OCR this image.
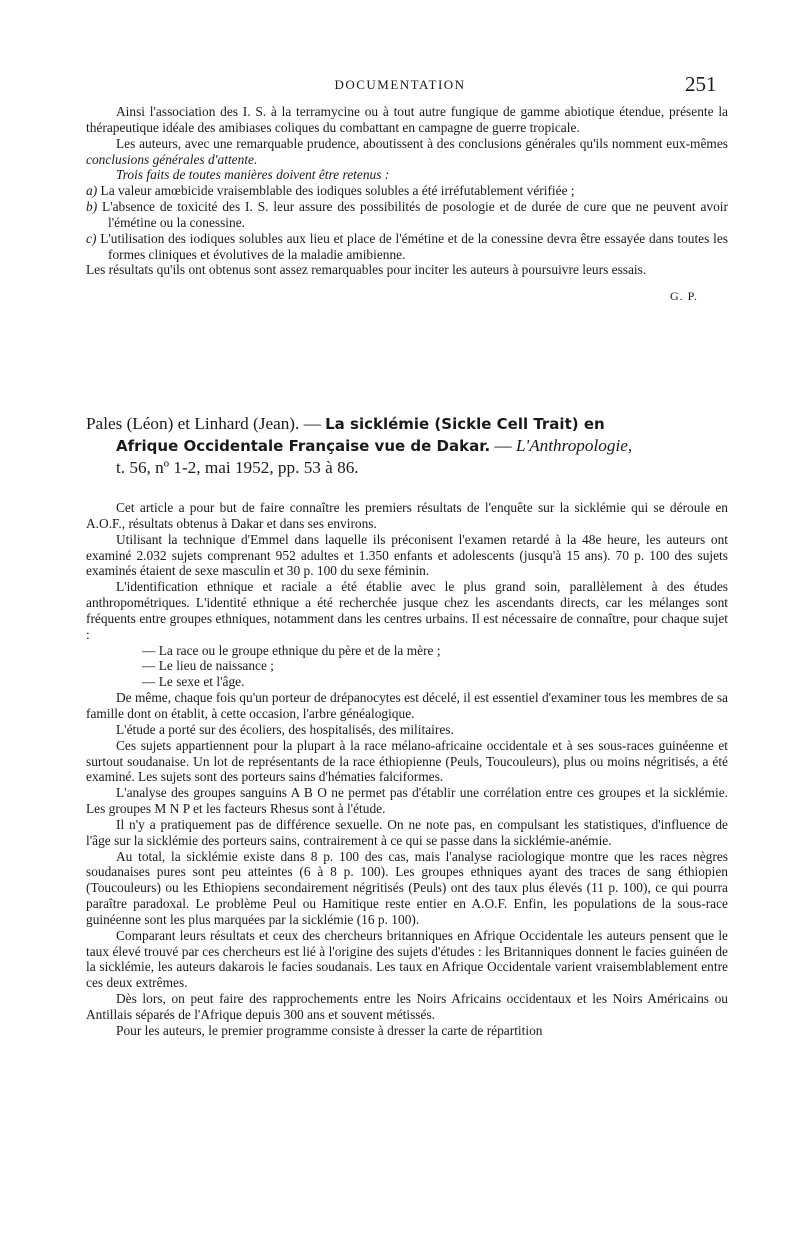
DOCUMENTATION	251

Ainsi l'association des I. S. à la terramycine ou à tout autre fungique de gamme abiotique étendue, présente la thérapeutique idéale des amibiases coliques du combattant en campagne de guerre tropicale.

Les auteurs, avec une remarquable prudence, aboutissent à des conclusions générales qu'ils nomment eux-mêmes conclusions générales d'attente.

Trois faits de toutes manières doivent être retenus :

a) La valeur amœbicide vraisemblable des iodiques solubles a été irréfutablement vérifiée ;

b) L'absence de toxicité des I. S. leur assure des possibilités de posologie et de durée de cure que ne peuvent avoir l'émétine ou la conessine.

c) L'utilisation des iodiques solubles aux lieu et place de l'émétine et de la conessine devra être essayée dans toutes les formes cliniques et évolutives de la maladie amibienne.

Les résultats qu'ils ont obtenus sont assez remarquables pour inciter les auteurs à poursuivre leurs essais.

G. P.
Pales (Léon) et Linhard (Jean). — La sicklémie (Sickle Cell Trait) en
Afrique Occidentale Française vue de Dakar. — L'Anthropologie,
t. 56, nº 1-2, mai 1952, pp. 53 à 86.

Cet article a pour but de faire connaître les premiers résultats de l'enquête sur la sicklémie qui se déroule en A.O.F., résultats obtenus à Dakar et dans ses environs.

Utilisant la technique d'Emmel dans laquelle ils préconisent l'examen retardé à la 48e heure, les auteurs ont examiné 2.032 sujets comprenant 952 adultes et 1.350 enfants et adolescents (jusqu'à 15 ans). 70 p. 100 des sujets examinés étaient de sexe masculin et 30 p. 100 du sexe féminin.

L'identification ethnique et raciale a été établie avec le plus grand soin, parallèlement à des études anthropométriques. L'identité ethnique a été recherchée jusque chez les ascendants directs, car les mélanges sont fréquents entre groupes ethniques, notamment dans les centres urbains. Il est nécessaire de connaître, pour chaque sujet :

— La race ou le groupe ethnique du père et de la mère ;

— Le lieu de naissance ;

— Le sexe et l'âge.

De même, chaque fois qu'un porteur de drépanocytes est décelé, il est essentiel d'examiner tous les membres de sa famille dont on établit, à cette occasion, l'arbre généalogique.

L'étude a porté sur des écoliers, des hospitalisés, des militaires.

Ces sujets appartiennent pour la plupart à la race mélano-africaine occidentale et à ses sous-races guinéenne et surtout soudanaise. Un lot de représentants de la race éthiopienne (Peuls, Toucouleurs), plus ou moins négritisés, a été examiné. Les sujets sont des porteurs sains d'hématies falciformes.

L'analyse des groupes sanguins A B O ne permet pas d'établir une corrélation entre ces groupes et la sicklémie. Les groupes M N P et les facteurs Rhesus sont à l'étude.

Il n'y a pratiquement pas de différence sexuelle. On ne note pas, en compulsant les statistiques, d'influence de l'âge sur la sicklémie des porteurs sains, contrairement à ce qui se passe dans la sicklémie-anémie.

Au total, la sicklémie existe dans 8 p. 100 des cas, mais l'analyse raciologique montre que les races nègres soudanaises pures sont peu atteintes (6 à 8 p. 100). Les groupes ethniques ayant des traces de sang éthiopien (Toucouleurs) ou les Ethiopiens secondairement négritisés (Peuls) ont des taux plus élevés (11 p. 100), ce qui pourra paraître paradoxal. Le problème Peul ou Hamitique reste entier en A.O.F. Enfin, les populations de la sous-race guinéenne sont les plus marquées par la sicklémie (16 p. 100).

Comparant leurs résultats et ceux des chercheurs britanniques en Afrique Occidentale les auteurs pensent que le taux élevé trouvé par ces chercheurs est lié à l'origine des sujets d'études : les Britanniques donnent le facies guinéen de la sicklémie, les auteurs dakarois le facies soudanais. Les taux en Afrique Occidentale varient vraisemblablement entre ces deux extrêmes.

Dès lors, on peut faire des rapprochements entre les Noirs Africains occidentaux et les Noirs Américains ou Antillais séparés de l'Afrique depuis 300 ans et souvent métissés.

Pour les auteurs, le premier programme consiste à dresser la carte de répartition
